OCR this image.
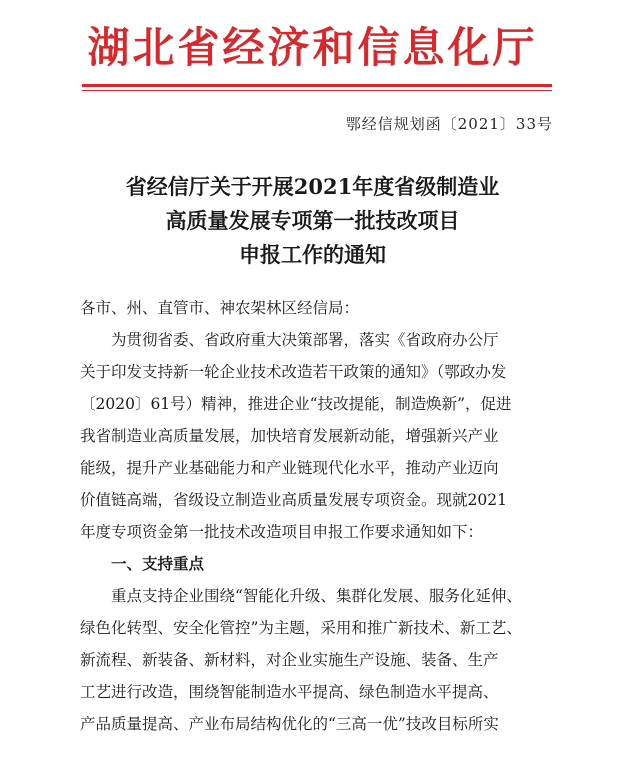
湖北省经济和信息化厅
鄂经信规划函〔2021〕33号
省经信厅关于开展2021年度省级制造业
高质量发展专项第一批技改项目
申报工作的通知

各市、州、直管市、神农架林区经信局：

为贯彻省委、省政府重大决策部署，落实《省政府办公厅

关于印发支持新一轮企业技术改造若干政策的通知》（鄂政办发

〔2020〕61号）精神，推进企业“技改提能，制造焕新”，促进

我省制造业高质量发展，加快培育发展新动能，增强新兴产业

能级，提升产业基础能力和产业链现代化水平，推动产业迈向

价值链高端，省级设立制造业高质量发展专项资金。现就2021

年度专项资金第一批技术改造项目申报工作要求通知如下：

一、支持重点

重点支持企业围绕“智能化升级、集群化发展、服务化延伸、

绿色化转型、安全化管控”为主题，采用和推广新技术、新工艺、

新流程、新装备、新材料，对企业实施生产设施、装备、生产

工艺进行改造，围绕智能制造水平提高、绿色制造水平提高、

产品质量提高、产业布局结构优化的“三高一优”技改目标所实
